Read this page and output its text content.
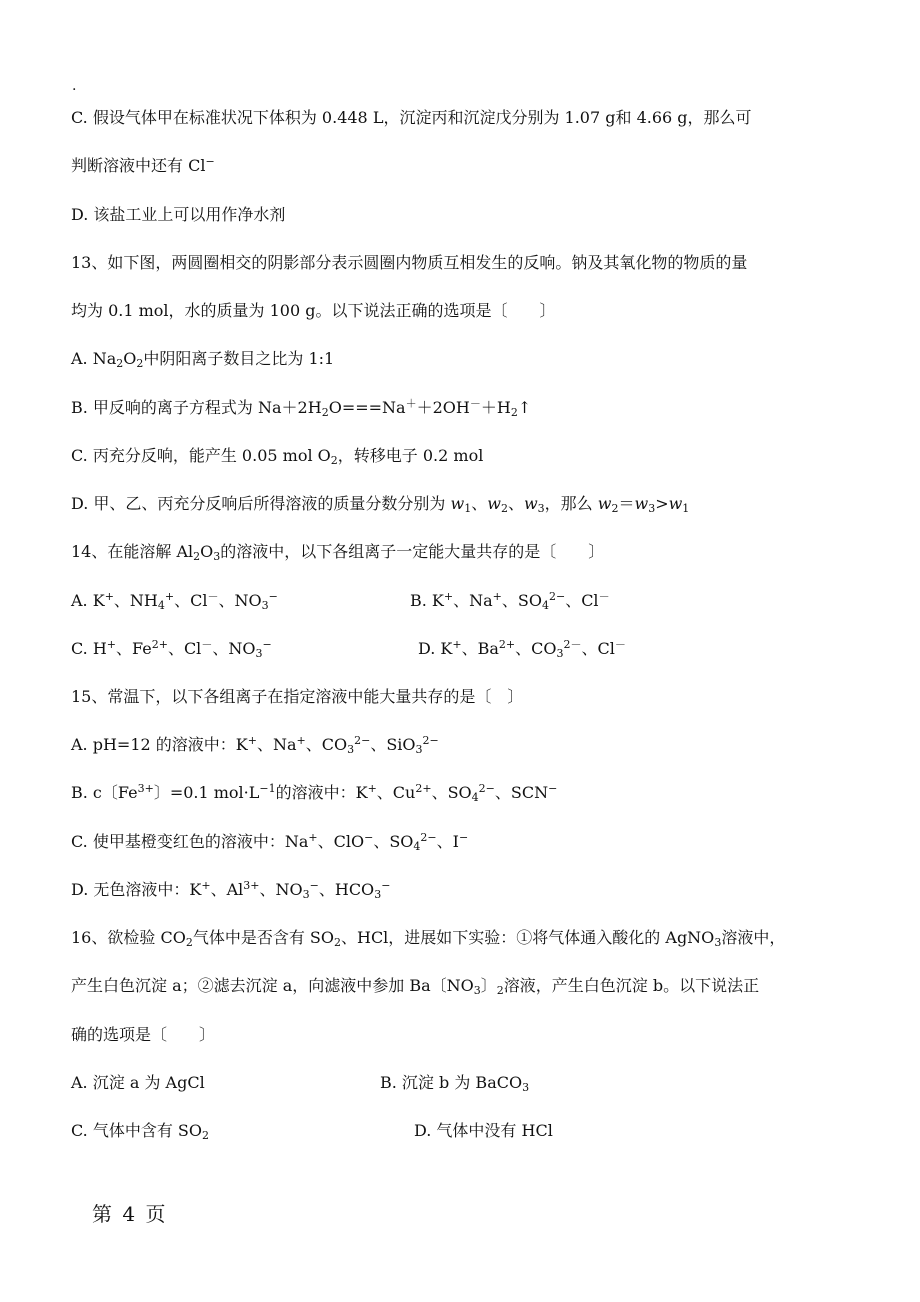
.
C. 假设气体甲在标准状况下体积为 0.448 L，沉淀丙和沉淀戊分别为 1.07 g和 4.66 g，那么可
判断溶液中还有 Cl−
D. 该盐工业上可以用作净水剂
13、如下图，两圆圈相交的阴影部分表示圆圈内物质互相发生的反响。钠及其氧化物的物质的量
均为 0.1 mol，水的质量为 100 g。以下说法正确的选项是〔　　〕
A. $Na_2O_2$中阴阳离子数目之比为 1:1
B. 甲反响的离子方程式为 $Na+2H_2O===Na^++2OH^-+H_2↑$
C. 丙充分反响，能产生 0.05 mol $O_2$，转移电子 0.2 mol
D. 甲、乙、丙充分反响后所得溶液的质量分数分别为 $w_1$、$w_2$、$w_3$，那么 $w_2=w_3>w_1$
14、在能溶解 $Al_2O_3$的溶液中，以下各组离子一定能大量共存的是〔　　〕
A. K+、$NH_4^+$、Cl－、$NO_3^-$	B. K+、Na+、$SO_4^{2-}$、Cl－
C. H+、$Fe^{2+}$、Cl－、$NO_3^-$	D. K+、$Ba^{2+}$、$CO_3^{2-}$、Cl－
15、常温下，以下各组离子在指定溶液中能大量共存的是〔　〕
A. pH=12 的溶液中：K+、Na+、$CO_3^{2-}$、SiO$_3^{2-}$
B. c〔$Fe^{3+}$〕=0.1 $mol\cdot L^{-1}$的溶液中：K+、$Cu^{2+}$、$SO_4^{2-}$、SCN−
C. 使甲基橙变红色的溶液中：Na+、ClO−、$SO_4^{2-}$、I−
D. 无色溶液中：K+、$Al^{3+}$、$NO_3^-$、$HCO_3^-$
16、欲检验 $CO_2$气体中是否含有 $SO_2$、HCl，进展如下实验：①将气体通入酸化的 AgNO$_3$溶液中，
产生白色沉淀 a；②滤去沉淀 a，向滤液中参加 Ba〔$NO_3$〕$_2$溶液，产生白色沉淀 b。以下说法正
确的选项是〔　　〕
A. 沉淀 a 为 AgCl	B. 沉淀 b 为 BaCO$_3$
C. 气体中含有 $SO_2$	D. 气体中没有 HCl
第 4 页
